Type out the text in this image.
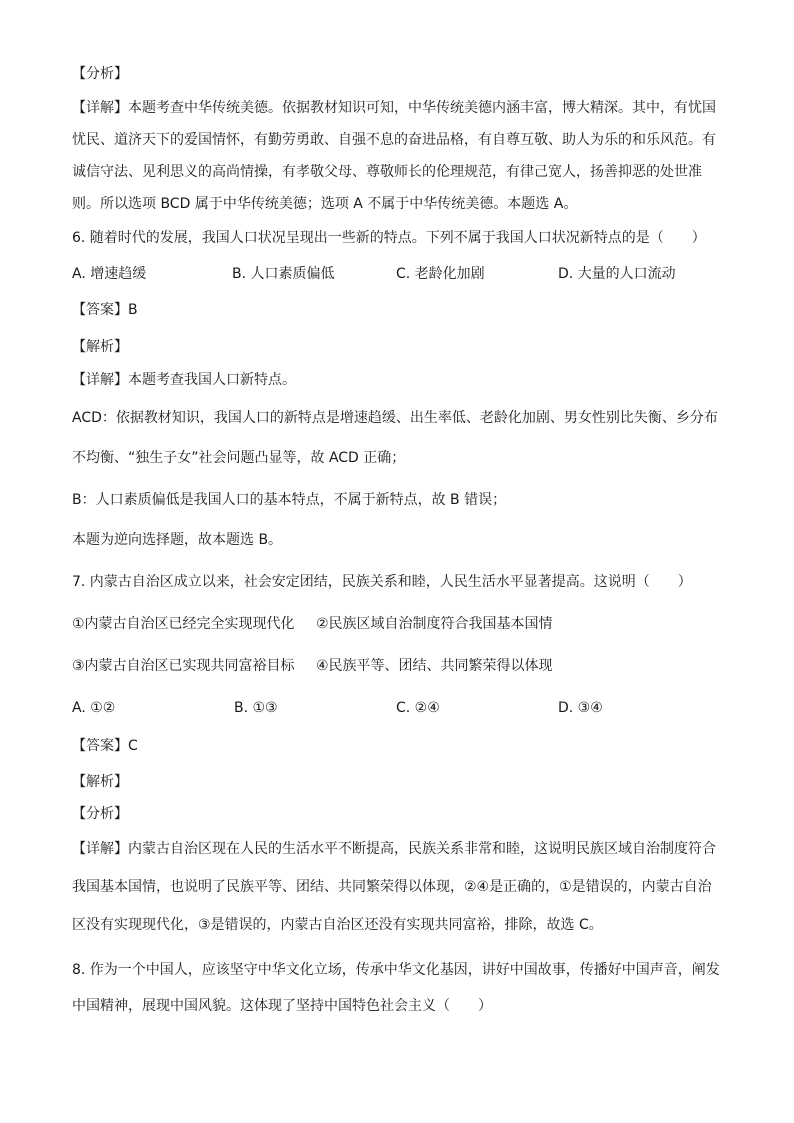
【分析】
【详解】本题考查中华传统美德。依据教材知识可知，中华传统美德内涵丰富，博大精深。其中，有忧国忧民、道济天下的爱国情怀，有勤劳勇敢、自强不息的奋进品格，有自尊互敬、助人为乐的和乐风范。有诚信守法、见利思义的高尚情操，有孝敬父母、尊敬师长的伦理规范，有律己宽人，扬善抑恶的处世准则。所以选项 BCD 属于中华传统美德；选项 A 不属于中华传统美德。本题选 A。
6. 随着时代的发展，我国人口状况呈现出一些新的特点。下列不属于我国人口状况新特点的是（　　）
A. 增速趋缓	B. 人口素质偏低	C. 老龄化加剧	D. 大量的人口流动
【答案】B
【解析】
【详解】本题考查我国人口新特点。
ACD：依据教材知识，我国人口的新特点是增速趋缓、出生率低、老龄化加剧、男女性别比失衡、乡分布不均衡、“独生子女”社会问题凸显等，故 ACD 正确；
B：人口素质偏低是我国人口的基本特点，不属于新特点，故 B 错误；
本题为逆向选择题，故本题选 B。
7. 内蒙古自治区成立以来，社会安定团结，民族关系和睦，人民生活水平显著提高。这说明（　　）
①内蒙古自治区已经完全实现现代化 ②民族区域自治制度符合我国基本国情
③内蒙古自治区已实现共同富裕目标 ④民族平等、团结、共同繁荣得以体现
A. ①②	B. ①③	C. ②④	D. ③④
【答案】C
【解析】
【分析】
【详解】内蒙古自治区现在人民的生活水平不断提高，民族关系非常和睦，这说明民族区域自治制度符合我国基本国情，也说明了民族平等、团结、共同繁荣得以体现，②④是正确的，①是错误的，内蒙古自治区没有实现现代化，③是错误的，内蒙古自治区还没有实现共同富裕，排除，故选 C。
8. 作为一个中国人，应该坚守中华文化立场，传承中华文化基因，讲好中国故事，传播好中国声音，阐发中国精神，展现中国风貌。这体现了坚持中国特色社会主义（　　）
